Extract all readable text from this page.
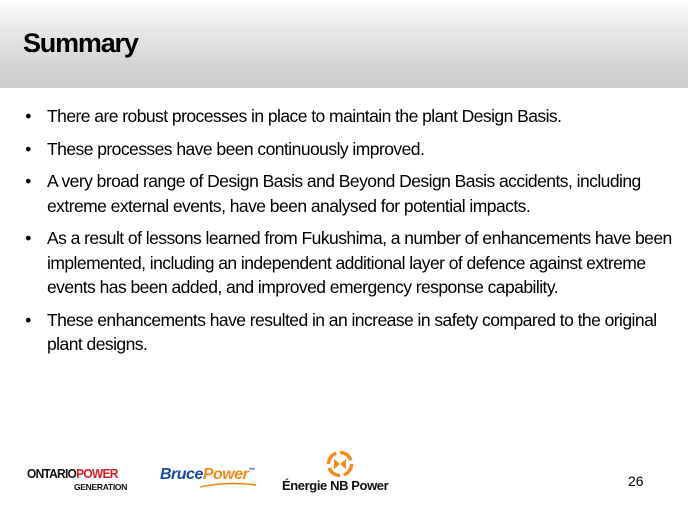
Summary
• There are robust processes in place to maintain the plant Design Basis.
• These processes have been continuously improved.
• A very broad range of Design Basis and Beyond Design Basis accidents, including extreme external events, have been analysed for potential impacts.
• As a result of lessons learned from Fukushima, a number of enhancements have been implemented, including an independent additional layer of defence against extreme events has been added, and improved emergency response capability.
• These enhancements have resulted in an increase in safety compared to the original plant designs.
ONTARIOPOWER
GENERATION
BrucePower™
Énergie NB Power	26
